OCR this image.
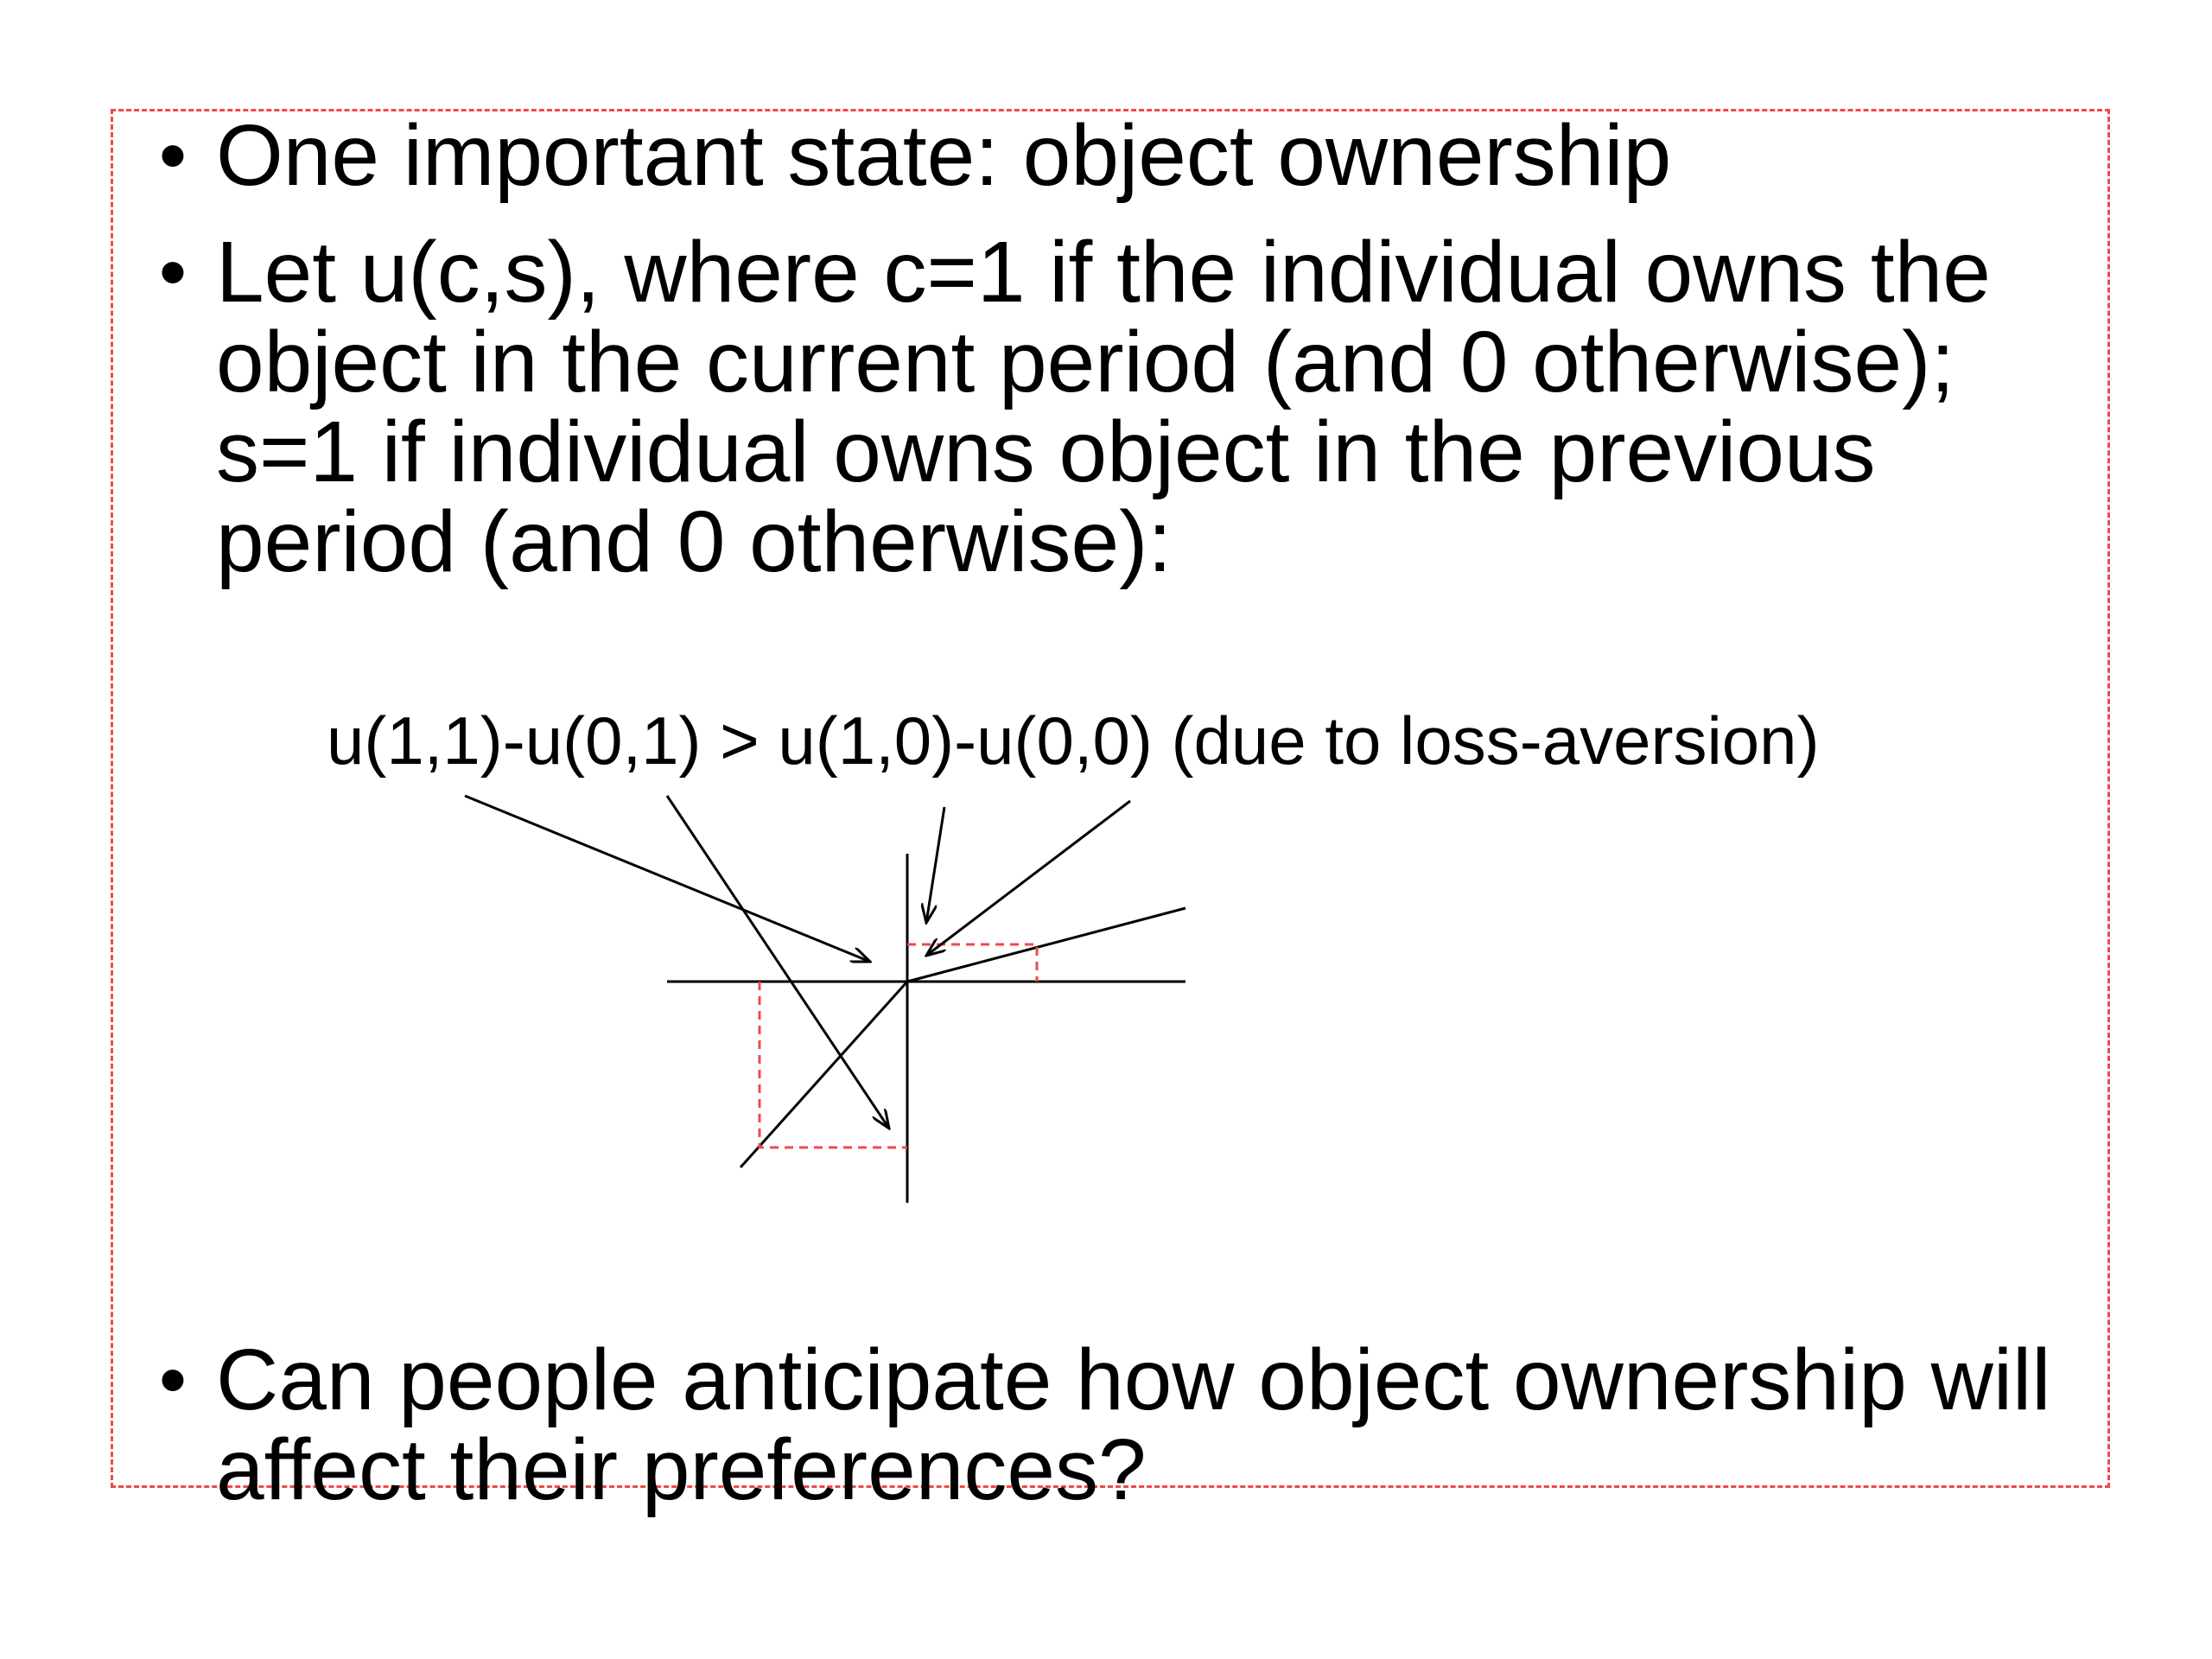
• One important state: object ownership
• Let u(c,s), where c=1 if the individual owns the
object in the current period (and 0 otherwise);
s=1 if individual owns object in the previous
period (and 0 otherwise):
• Can people anticipate how object ownership will
affect their preferences?
u(1,1)-u(0,1) > u(1,0)-u(0,0) (due to loss-aversion)
